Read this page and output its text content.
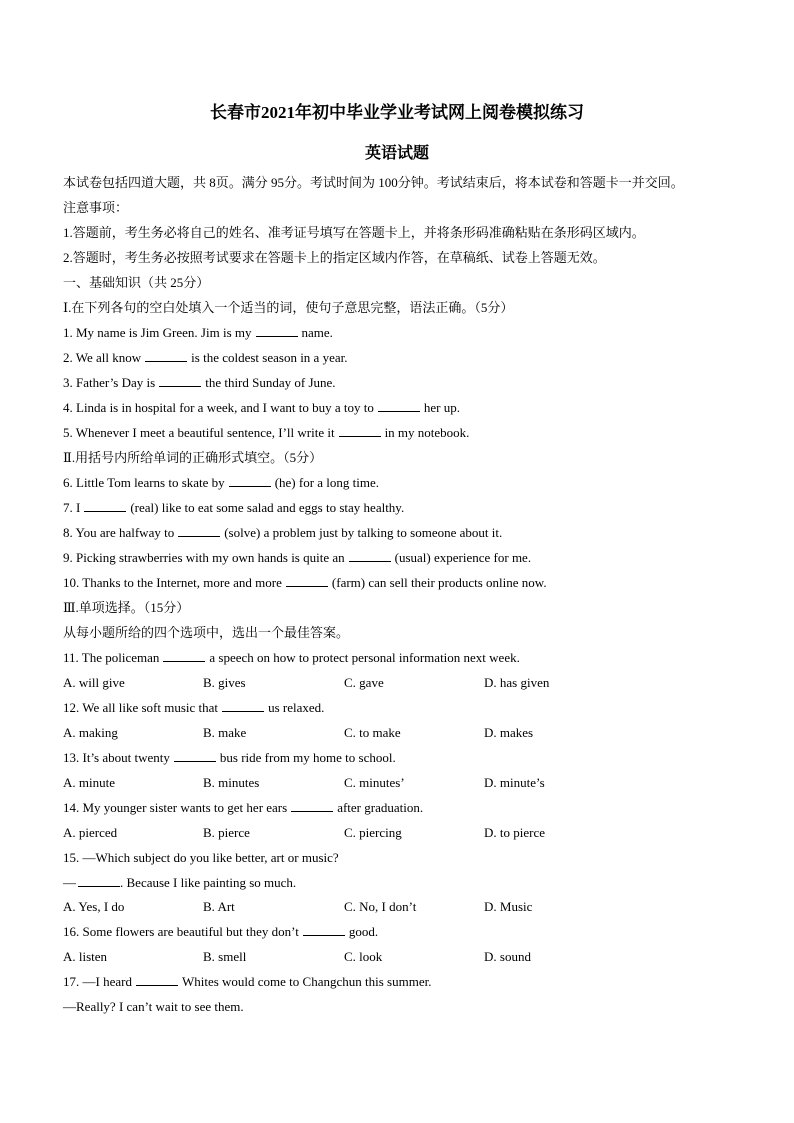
长春市2021年初中毕业学业考试网上阅卷模拟练习
英语试题
本试卷包括四道大题，共 8页。满分 95分。考试时间为 100分钟。考试结束后，将本试卷和答题卡一并交回。
注意事项：
1.答题前，考生务必将自己的姓名、准考证号填写在答题卡上，并将条形码准确粘贴在条形码区域内。
2.答题时，考生务必按照考试要求在答题卡上的指定区域内作答，在草稿纸、试卷上答题无效。
一、基础知识（共 25分）
Ⅰ.在下列各句的空白处填入一个适当的词，使句子意思完整，语法正确。（5分）
1. My name is Jim Green. Jim is my	name.
2. We all know	is the coldest season in a year.
3. Father’s Day is	the third Sunday of June.
4. Linda is in hospital for a week, and I want to buy a toy to	her up.
5. Whenever I meet a beautiful sentence, I’ll write it	in my notebook.
Ⅱ.用括号内所给单词的正确形式填空。（5分）
6. Little Tom learns to skate by	(he) for a long time.
7. I	(real) like to eat some salad and eggs to stay healthy.
8. You are halfway to	(solve) a problem just by talking to someone about it.
9. Picking strawberries with my own hands is quite an	(usual) experience for me.
10. Thanks to the Internet, more and more	(farm) can sell their products online now.
Ⅲ.单项选择。（15分）
从每小题所给的四个选项中，选出一个最佳答案。
11. The policeman	a speech on how to protect personal information next week.
A. will give	B. gives	C. gave	D. has given
12. We all like soft music that	us relaxed.
A. making	B. make	C. to make	D. makes
13. It’s about twenty	bus ride from my home to school.
A. minute	B. minutes	C. minutes’	D. minute’s
14. My younger sister wants to get her ears	after graduation.
A. pierced	B. pierce	C. piercing	D. to pierce
15. —Which subject do you like better, art or music?
—	. Because I like painting so much.
A. Yes, I do	B. Art	C. No, I don’t	D. Music
16. Some flowers are beautiful but they don’t	good.
A. listen	B. smell	C. look	D. sound
17. —I heard	Whites would come to Changchun this summer.
—Really? I can’t wait to see them.
